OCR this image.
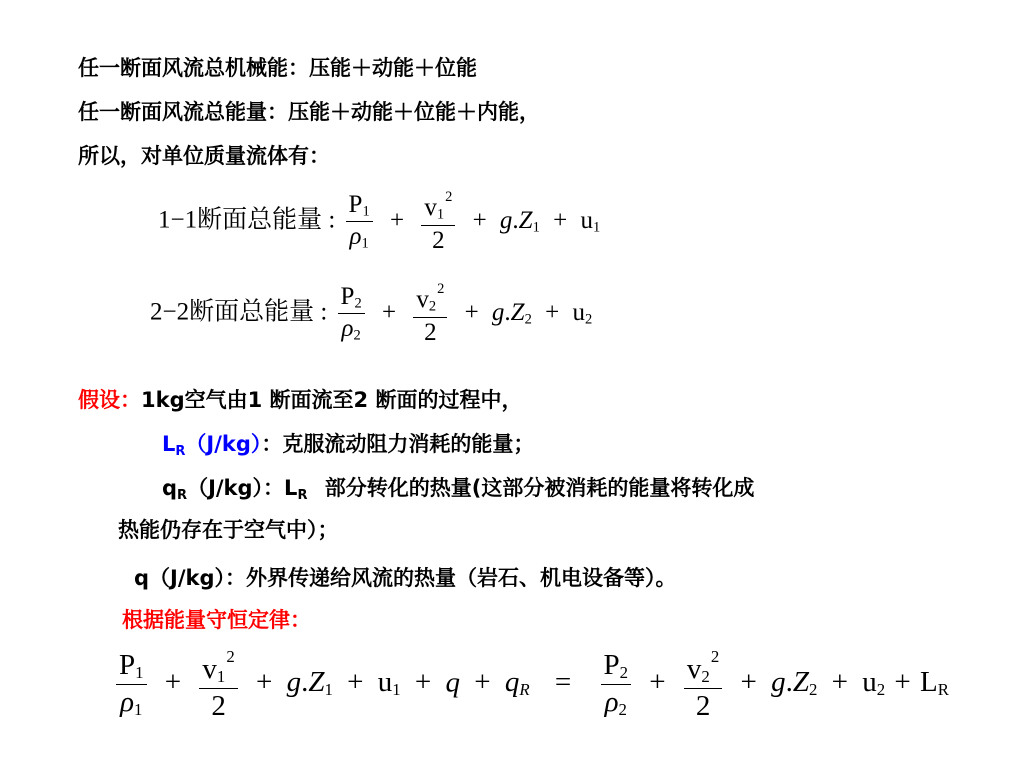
任一断面风流总机械能：压能＋动能＋位能
任一断面风流总能量：压能＋动能＋位能＋内能，
所以，对单位质量流体有：
1−1断面总能量 : $\frac{P_1}{\rho_1} + \frac{v_1^2}{2} + g.Z_1 + u_1$
2−2断面总能量 : $\frac{P_2}{\rho_2} + \frac{v_2^2}{2} + g.Z_2 + u_2$
假设：1kg空气由1 断面流至2 断面的过程中，
LR（J/kg）：克服流动阻力消耗的能量；
qR（J/kg）：LR 部分转化的热量(这部分被消耗的能量将转化成
热能仍存在于空气中）；
q（J/kg）：外界传递给风流的热量（岩石、机电设备等）。
根据能量守恒定律：
$\frac{P_1}{\rho_1} + \frac{v_1^2}{2} + g.Z_1 + u_1 + q + q_R = \frac{P_2}{\rho_2} + \frac{v_2^2}{2} + g.Z_2 + u_2 + L_R$
